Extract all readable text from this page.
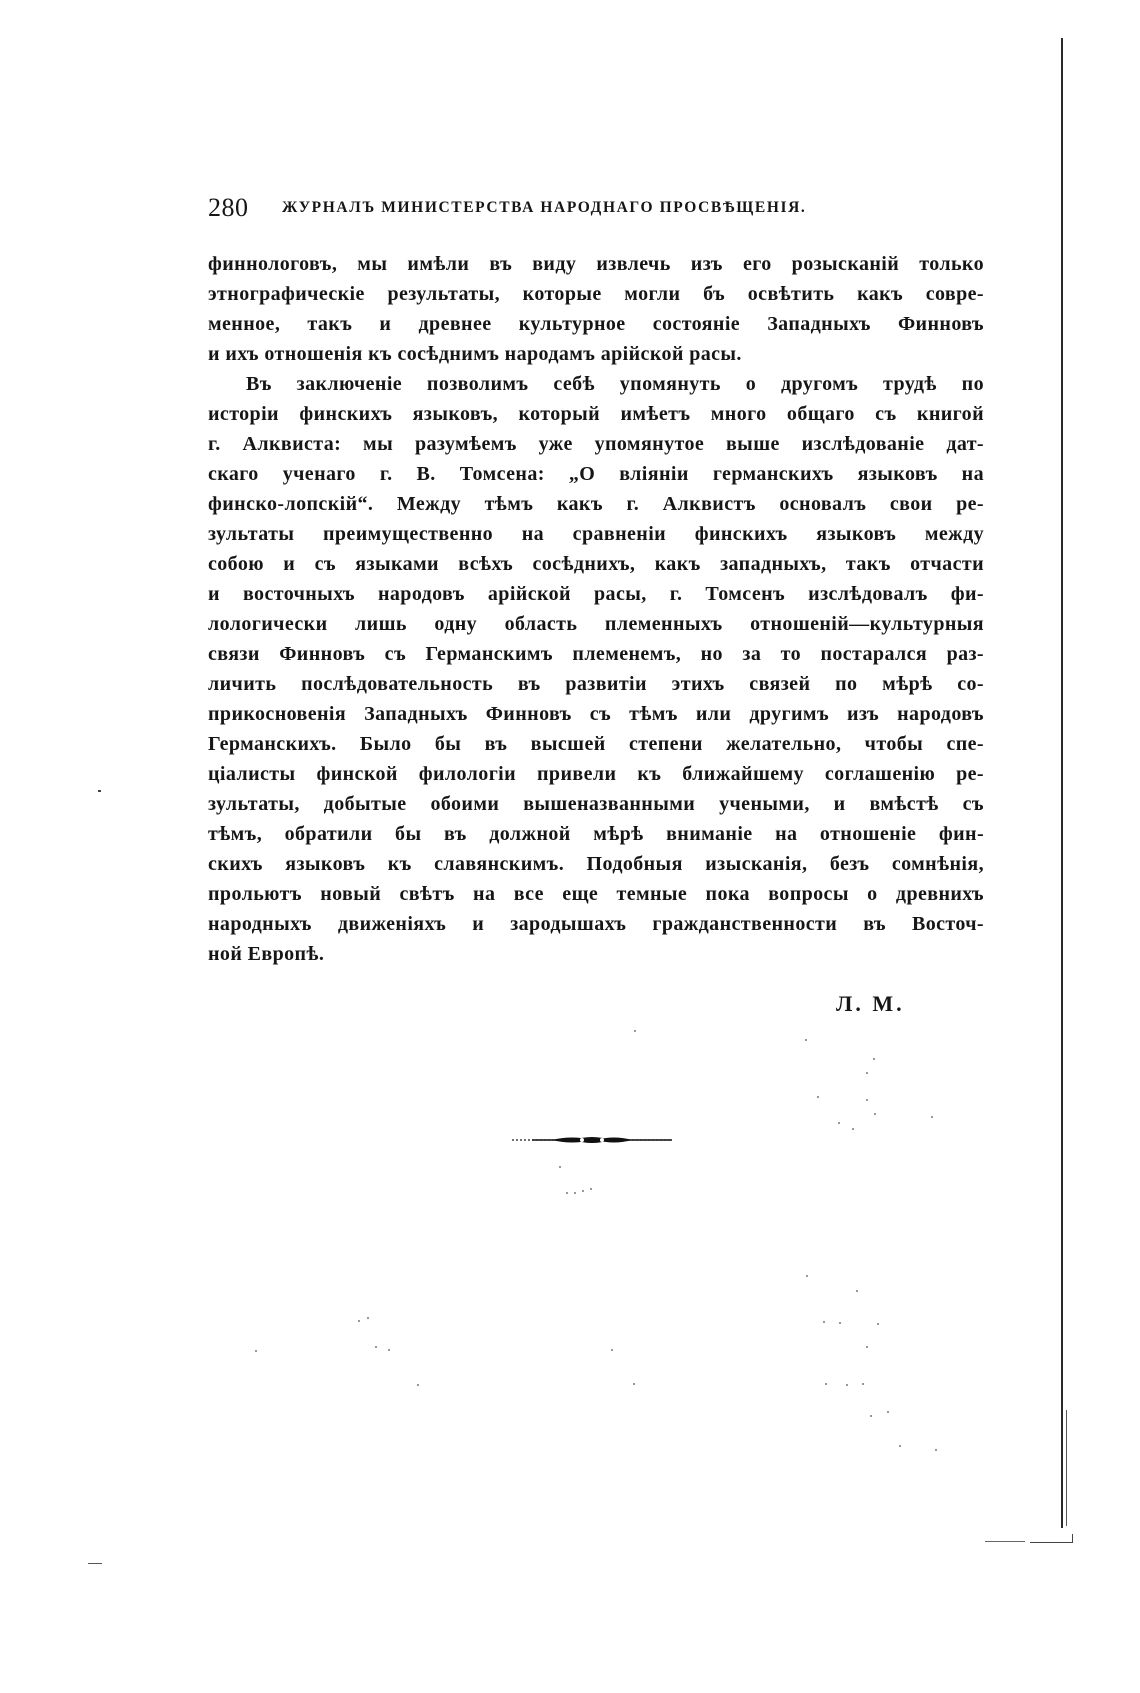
280 ЖУРНАЛЪ МИНИСТЕРСТВА НАРОДНАГО ПРОСВѢЩЕНІЯ.
финнологовъ, мы имѣли въ виду извлечь изъ его розысканій только
этнографическіе результаты, которые могли бъ освѣтить какъ совре-
менное, такъ и древнее культурное состояніе Западныхъ Финновъ
и ихъ отношенія къ сосѣднимъ народамъ арійской расы.
Въ заключеніе позволимъ себѣ упомянуть о другомъ трудѣ по
исторіи финскихъ языковъ, который имѣетъ много общаго съ книгой
г. Алквиста: мы разумѣемъ уже упомянутое выше изслѣдованіе дат-
скаго ученаго г. В. Томсена: „О вліяніи германскихъ языковъ на
финско-лопскій“. Между тѣмъ какъ г. Алквистъ основалъ свои ре-
зультаты преимущественно на сравненіи финскихъ языковъ между
собою и съ языками всѣхъ сосѣднихъ, какъ западныхъ, такъ отчасти
и восточныхъ народовъ арійской расы, г. Томсенъ изслѣдовалъ фи-
лологически лишь одну область племенныхъ отношеній—культурныя
связи Финновъ съ Германскимъ племенемъ, но за то постарался раз-
личить послѣдовательность въ развитіи этихъ связей по мѣрѣ со-
прикосновенія Западныхъ Финновъ съ тѣмъ или другимъ изъ народовъ
Германскихъ. Было бы въ высшей степени желательно, чтобы спе-
ціалисты финской филологіи привели къ ближайшему соглашенію ре-
зультаты, добытые обоими вышеназванными учеными, и вмѣстѣ съ
тѣмъ, обратили бы въ должной мѣрѣ вниманіе на отношеніе фин-
скихъ языковъ къ славянскимъ. Подобныя изысканія, безъ сомнѣнія,
прольютъ новый свѣтъ на все еще темные пока вопросы о древнихъ
народныхъ движеніяхъ и зародышахъ гражданственности въ Восточ-
ной Европѣ.
Л. М.
